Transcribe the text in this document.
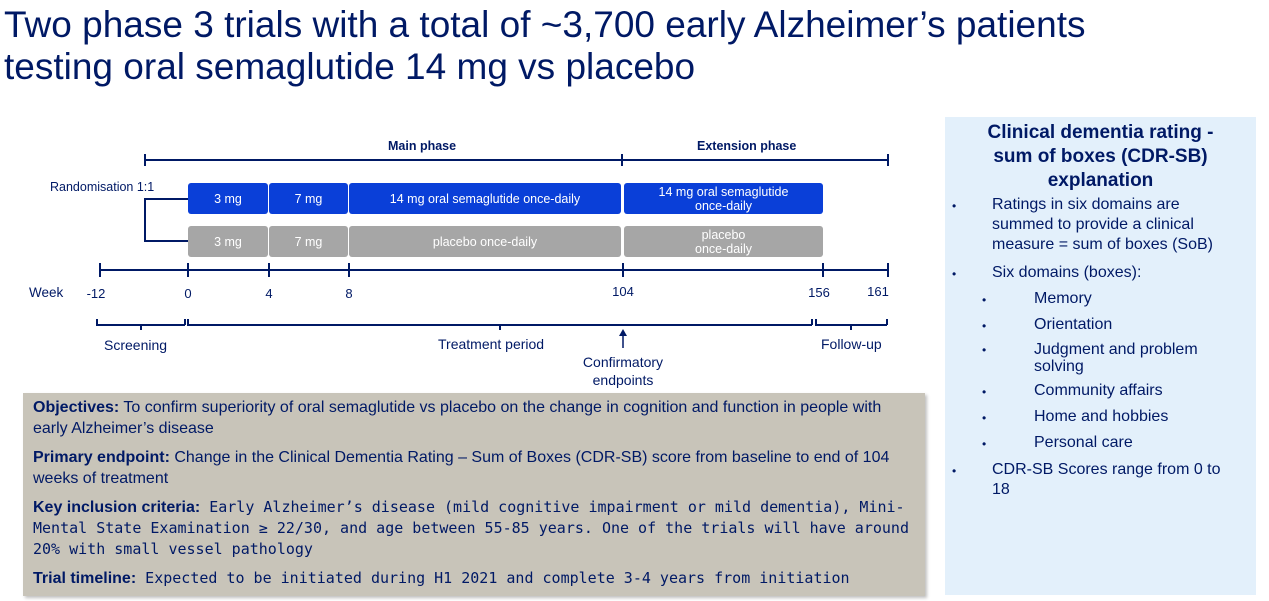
Two phase 3 trials with a total of ~3,700 early Alzheimer’s patients
testing oral semaglutide 14 mg vs placebo
Main phase	Extension phase
Randomisation 1:1
3 mg	7 mg	14 mg oral semaglutide once-daily	14 mg oral semaglutide
once-daily
3 mg	7 mg	placebo once-daily	placebo
once-daily
Week -12	0	4	8	104	156	161
Screening	Treatment period	Follow-up
Confirmatory
endpoints

Objectives: To confirm superiority of oral semaglutide vs placebo on the change in cognition and function in people with early Alzheimer’s disease

Primary endpoint: Change in the Clinical Dementia Rating – Sum of Boxes (CDR-SB) score from baseline to end of 104 weeks of treatment

Key inclusion criteria: Early Alzheimer’s disease (mild cognitive impairment or mild dementia), Mini-Mental State Examination ≥ 22/30, and age between 55-85 years. One of the trials will have around 20% with small vessel pathology

Trial timeline: Expected to be initiated during H1 2021 and complete 3-4 years from initiation

Clinical dementia rating - sum of boxes (CDR-SB) explanation
• Ratings in six domains are summed to provide a clinical measure = sum of boxes (SoB)
• Six domains (boxes):
•	Memory
•	Orientation
•	Judgment and problem solving
•	Community affairs
•	Home and hobbies
•	Personal care
• CDR-SB Scores range from 0 to 18
